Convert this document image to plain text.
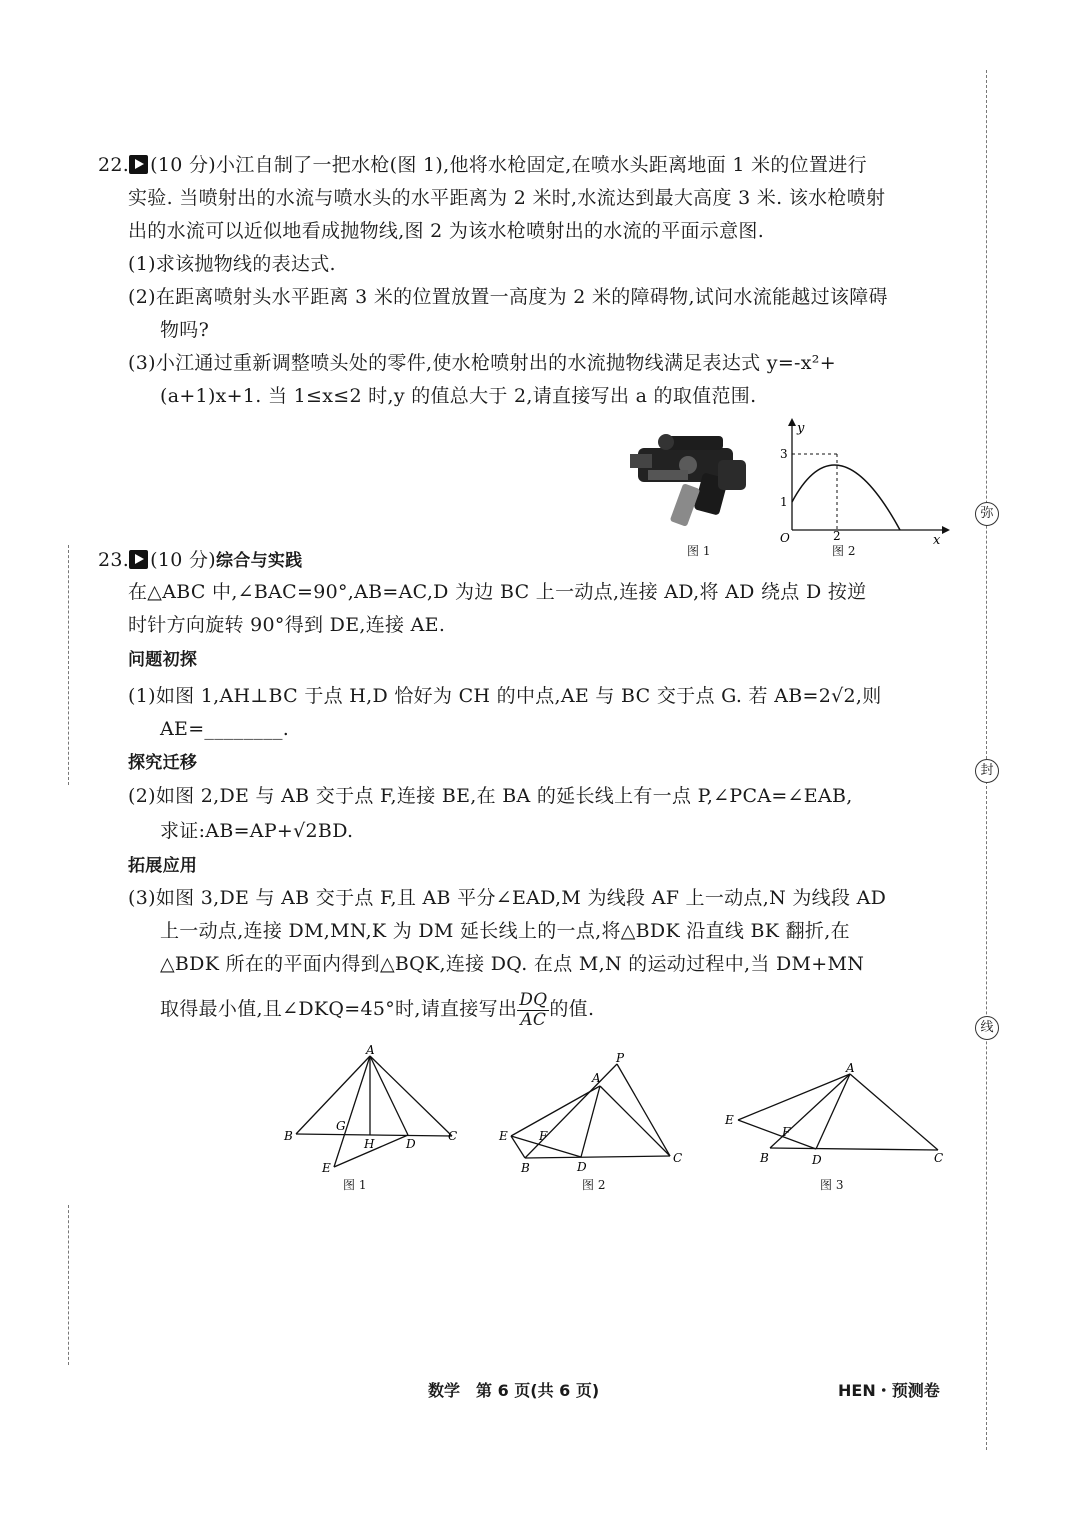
弥
封
线
22. (10 分)小江自制了一把水枪(图 1),他将水枪固定,在喷水头距离地面 1 米的位置进行
实验. 当喷射出的水流与喷水头的水平距离为 2 米时,水流达到最大高度 3 米. 该水枪喷射
出的水流可以近似地看成抛物线,图 2 为该水枪喷射出的水流的平面示意图.
(1)求该抛物线的表达式.
(2)在距离喷射头水平距离 3 米的位置放置一高度为 2 米的障碍物,试问水流能越过该障碍
物吗?
(3)小江通过重新调整喷头处的零件,使水枪喷射出的水流抛物线满足表达式 y=-x²+
(a+1)x+1. 当 1≤x≤2 时,y 的值总大于 2,请直接写出 a 的取值范围.
图 1
y
3
1
O	2	x
图 2
23. (10 分)综合与实践
在△ABC 中,∠BAC=90°,AB=AC,D 为边 BC 上一动点,连接 AD,将 AD 绕点 D 按逆
时针方向旋转 90°得到 DE,连接 AE.
问题初探
(1)如图 1,AH⊥BC 于点 H,D 恰好为 CH 的中点,AE 与 BC 交于点 G. 若 AB=2√2,则
AE=________.
探究迁移
(2)如图 2,DE 与 AB 交于点 F,连接 BE,在 BA 的延长线上有一点 P,∠PCA=∠EAB,
求证:AB=AP+√2BD.
拓展应用
(3)如图 3,DE 与 AB 交于点 F,且 AB 平分∠EAD,M 为线段 AF 上一动点,N 为线段 AD
上一动点,连接 DM,MN,K 为 DM 延长线上的一点,将△BDK 沿直线 BK 翻折,在
△BDK 所在的平面内得到△BQK,连接 DQ. 在点 M,N 的运动过程中,当 DM+MN
取得最小值,且∠DKQ=45°时,请直接写出 $\frac{DQ}{AC}$ 的值.
A
B
G
H	D
C
E
图 1
P
A
E	F
B	D
C
图 2
A
E
F
B	D	C
图 3
数学　第 6 页(共 6 页)	HEN・预测卷
